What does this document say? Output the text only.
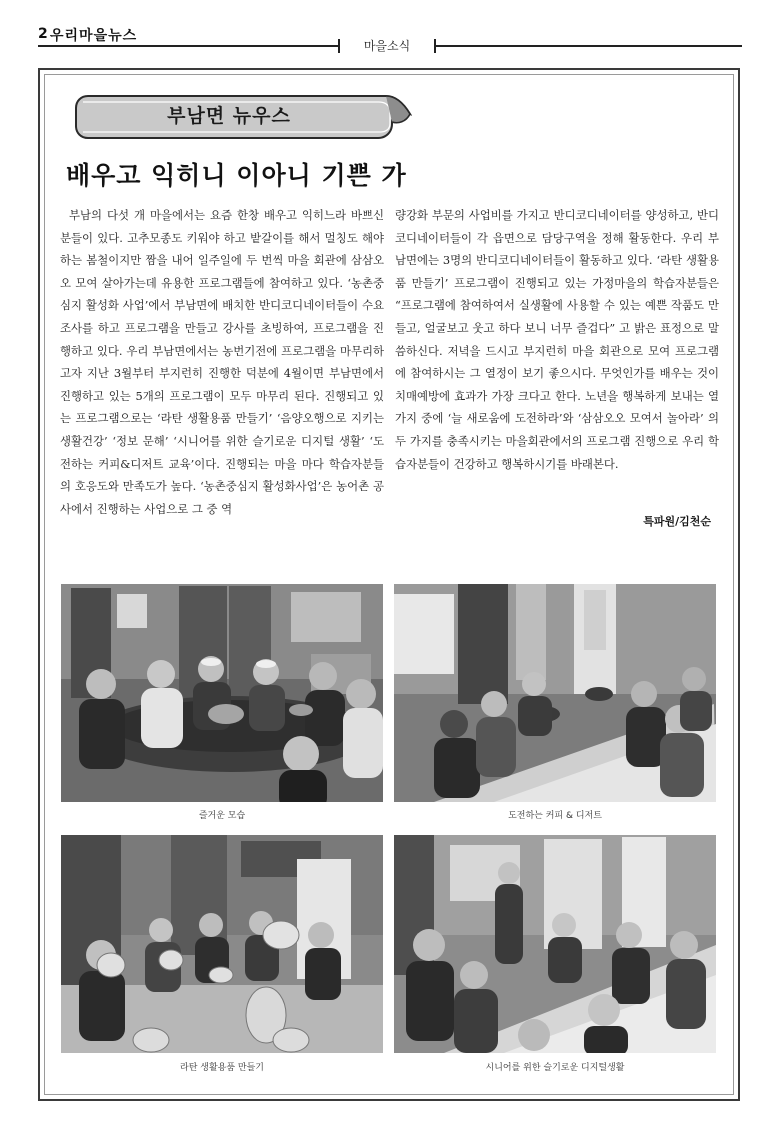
2 우리마을뉴스
마을소식
부남면 뉴우스
배우고 익히니 이아니 기쁜 가

부남의 다섯 개 마을에서는 요즘 한창 배우고 익히느라 바쁘신 분들이 있다. 고추모종도 키워야 하고 밭갈이를 해서 멀칭도 해야 하는 봄철이지만 짬을 내어 일주일에 두 번씩 마을 회관에 삼삼오오 모여 살아가는데 유용한 프로그램들에 참여하고 있다. ‘농촌중심지 활성화 사업’에서 부남면에 배치한 반디코디네이터들이 수요조사를 하고 프로그램을 만들고 강사를 초빙하여, 프로그램을 진행하고 있다. 우리 부남면에서는 농번기전에 프로그램을 마무리하고자 지난 3월부터 부지런히 진행한 덕분에 4월이면 부남면에서 진행하고 있는 5개의 프로그램이 모두 마무리 된다. 진행되고 있는 프로그램으로는 ‘라탄 생활용품 만들기’ ‘음양오행으로 지키는 생활건강’ ‘정보 문해’ ‘시니어를 위한 슬기로운 디지털 생활’ ‘도전하는 커피&디저트 교육’이다. 진행되는 마을 마다 학습자분들의 호응도와 만족도가 높다. ‘농촌중심지 활성화사업’은 농어촌 공사에서 진행하는 사업으로 그 중 역

량강화 부문의 사업비를 가지고 반디코디네이터를 양성하고, 반디코디네이터들이 각 읍면으로 담당구역을 정해 활동한다. 우리 부남면에는 3명의 반디코디네이터들이 활동하고 있다. ‘라탄 생활용품 만들기’ 프로그램이 진행되고 있는 가정마을의 학습자분들은 “프로그램에 참여하여서 실생활에 사용할 수 있는 예쁜 작품도 만들고, 얼굴보고 웃고 하다 보니 너무 즐겁다” 고 밝은 표정으로 말씀하신다. 저녁을 드시고 부지런히 마을 회관으로 모여 프로그램에 참여하시는 그 열정이 보기 좋으시다. 무엇인가를 배우는 것이 치매예방에 효과가 가장 크다고 한다. 노년을 행복하게 보내는 열 가지 중에 ‘늘 새로움에 도전하라’와 ‘삼삼오오 모여서 놀아라’ 의 두 가지를 충족시키는 마을회관에서의 프로그램 진행으로 우리 학습자분들이 건강하고 행복하시기를 바래본다.

특파원/김천순
즐거운 모습	도전하는 커피 & 디저트
라탄 생활용품 만들기	시니어를 위한 슬기로운 디지털생활
